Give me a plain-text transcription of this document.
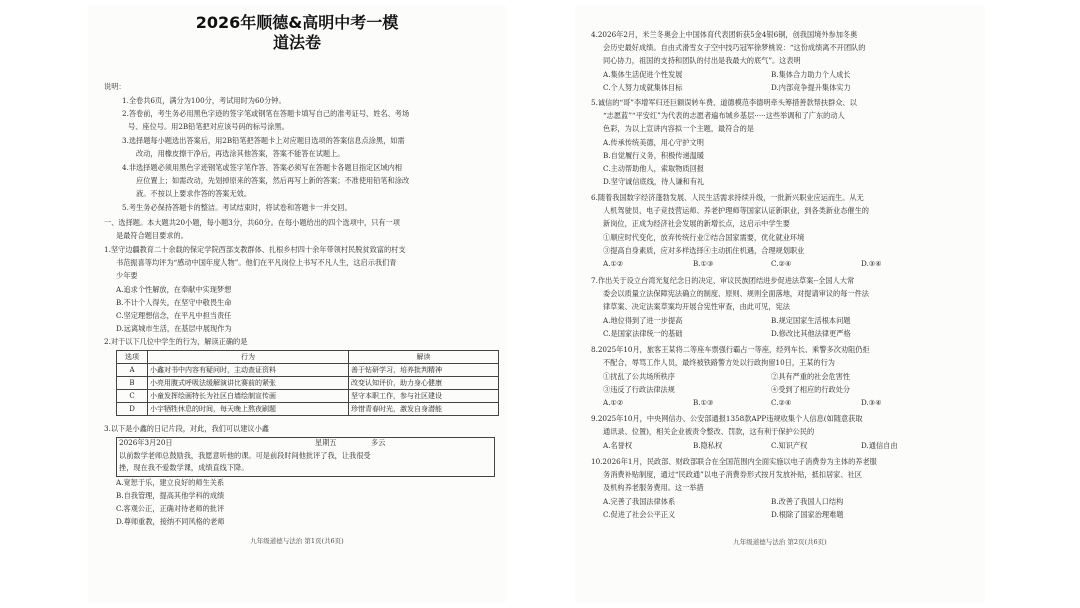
2026年顺德&高明中考一模
道法卷
说明：
1.全卷共6页，满分为100分，考试用时为60分钟。
2.答卷前，考生务必用黑色字迹的签字笔或钢笔在答题卡填写自己的准考证号、姓名、考场
号、座位号。用2B铅笔把对应该号码的标号涂黑。
3.选择题每小题选出答案后，用2B铅笔把答题卡上对应题目选项的答案信息点涂黑，如需
改动，用橡皮擦干净后，再选涂其他答案，答案不能答在试题上。
4.非选择题必须用黑色字迹钢笔或签字笔作答、答案必须写在答题卡各题目指定区域内相
应位置上；如需改动，先划掉原来的答案，然后再写上新的答案；不准使用铅笔和涂改
液。不按以上要求作答的答案无效。
5.考生务必保持答题卡的整洁。考试结束时，将试卷和答题卡一并交回。
一、选择题。本大题共20小题，每小题3分，共60分。在每小题给出的四个选项中，只有一项
是最符合题目要求的。
1.坚守边疆教育二十余载的保定学院西部支教群体、扎根乡村四十余年带领村民脱贫致富的村支
书范振喜等均评为“感动中国年度人物”。他们在平凡岗位上书写不凡人生，这启示我们青
少年要
A.追求个性解放，在奉献中实现梦想
B.不计个人得失，在坚守中敬畏生命
C.坚定理想信念，在平凡中担当责任
D.远离城市生活，在基层中展现作为
2.对于以下几位中学生的行为，解读正确的是
选项	行为	解读
A	小鑫对书中内容有疑问时，主动查证资料	善于钻研学习，培养批判精神
B	小亮用腹式呼吸法缓解演讲比赛前的紧张	改变认知评价，助力身心健康
C	小童发挥绘画特长为社区白墙绘制宣传画	坚守本职工作，参与社区建设
D	小宇牺牲休息的时间，每天晚上熬夜刷题	珍惜青春时光，激发自身潜能
3.以下是小鑫的日记片段，对此，我们可以建议小鑫
2026年3月20日	星期五	多云
以前数学老师总鼓励我，我愿意听他的课。可是前段时间他批评了我，让我很受
挫，现在我不爱数学课，成绩直线下降。
A.宽恕于乐，建立良好的师生关系
B.自我管理，提高其他学科的成绩
C.客观公正，正确对待老师的批评
D.尊师重教，接纳不同风格的老师
九年级道德与法治 第1页(共6页)
4.2026年2月，米兰冬奥会上中国体育代表团斩获5金4银6铜，创我国境外参加冬奥
会历史最好成绩。自由式滑雪女子空中技巧冠军徐梦桃说：“这份成绩离不开团队的
同心协力，祖国的支持和团队的付出是我最大的底气”。这表明
A.集体生活促进个性发展	B.集体合力助力个人成长
C.个人努力成就集体目标	D.内部竞争提升集体实力
5.诚信的“哥”李增军归还巨额误转车费、道德模范李德明牵头筹措善款帮扶群众、以
“志愿蓝”“平安红”为代表的志愿者遍布城乡基层·····这些举调和了广东的动人
色彩，为以上宣讲内容拟一个主题，最符合的是
A.传承传统美德，用心守护文明
B.自觉履行义务，积极传递温暖
C.主动帮助他人，索取物质回报
D.坚守诚信底线，待人谦和有礼
6.随着我国数字经济蓬勃发展、人民生活需求持续升级，一批新兴职业应运而生。从无
人机驾驶员、电子竞技营运师、养老护理师等国家认证新职业，到各类新业态催生的
新岗位，正成为经济社会发展的新增长点，这启示中学生要
①顺应时代变化，放弃传统行业②结合国家需要，优化就业环境
③提高自身素质，应对多样选择④主动抓住机遇，合理规划职业
A.①②	B.①③	C.②④	D.③④
7.作出关于设立台湾光复纪念日的决定、审议民族团结进步促进法草案-·全国人大常
委会以质量立法保障宪法确立的制度、原则、规则全面落地，对提请审议的每一件法
律草案、决定法案草案均开展合宪性审查，由此可见，宪法
A.地位得到了进一步提高	B.规定国家生活根本问题
C.是国家法律统一的基础	D.修改比其他法律更严格
8.2025年10月，旅客王某将二等座车票强行霸占一等座，经列车长、乘警多次劝阻仍拒
不配合，辱骂工作人员，最终被铁路警方处以行政拘留10日，王某的行为
①扰乱了公共场所秩序	②具有严重的社会危害性
③违反了行政法律法规	④受到了相应的行政处分
A.①②	B.①③	C.②④	D.③④
9.2025年10月，中央网信办、公安部通报1358款APP违规收集个人信息(如随意获取
通讯录、位置)，相关企业被责令整改、罚款，这有利于保护公民的
A.名誉权	B.隐私权	C.知识产权	D.通信自由
10.2026年1月，民政部、财政部联合在全国范围内全面实施以电子消费券为主体的养老服
务消费补贴制度，通过“民政通”以电子消费券形式按月发放补贴，抵扣居家、社区
及机构养老服务费用。这一举措
A.完善了我国法律体系	B.改善了我国人口结构
C.促进了社会公平正义	D.根除了国家治理难题
九年级道德与法治 第2页(共6页)
